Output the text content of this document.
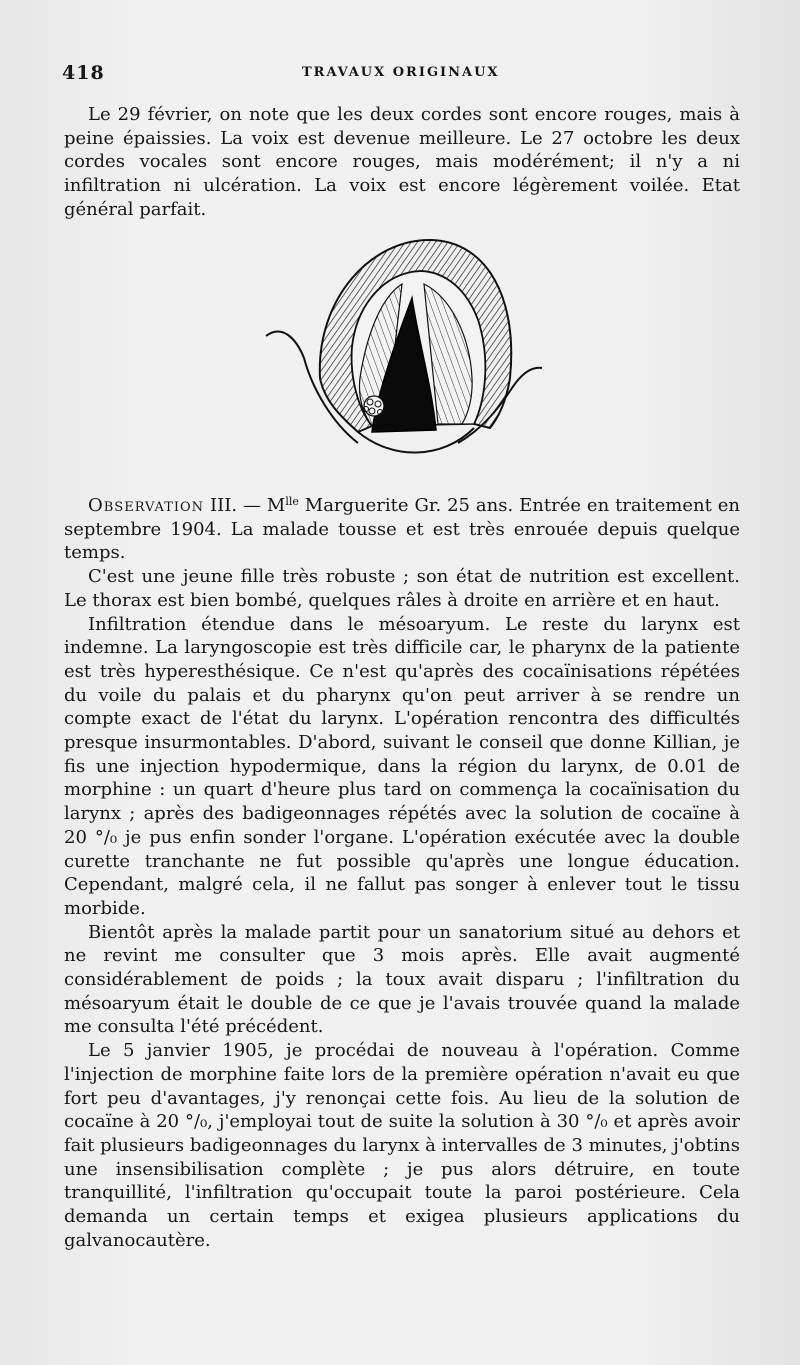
418	TRAVAUX ORIGINAUX

Le 29 février, on note que les deux cordes sont encore rouges, mais à peine épaissies. La voix est devenue meilleure. Le 27 octobre les deux cordes vocales sont encore rouges, mais modérément; il n'y a ni infiltration ni ulcération. La voix est encore légèrement voilée. Etat général parfait.

Observation III. — $M^{lle}$ Marguerite Gr. 25 ans. Entrée en traitement en septembre 1904. La malade tousse et est très enrouée depuis quelque temps.

C'est une jeune fille très robuste ; son état de nutrition est excellent. Le thorax est bien bombé, quelques râles à droite en arrière et en haut.

Infiltration étendue dans le mésoaryum. Le reste du larynx est indemne. La laryngoscopie est très difficile car, le pharynx de la patiente est très hyperesthésique. Ce n'est qu'après des cocaïnisations répétées du voile du palais et du pharynx qu'on peut arriver à se rendre un compte exact de l'état du larynx. L'opération rencontra des difficultés presque insurmontables. D'abord, suivant le conseil que donne Killian, je fis une injection hypodermique, dans la région du larynx, de 0.01 de morphine : un quart d'heure plus tard on commença la cocaïnisation du larynx ; après des badigeonnages répétés avec la solution de cocaïne à 20 °/₀ je pus enfin sonder l'organe. L'opération exécutée avec la double curette tranchante ne fut possible qu'après une longue éducation. Cependant, malgré cela, il ne fallut pas songer à enlever tout le tissu morbide.

Bientôt après la malade partit pour un sanatorium situé au dehors et ne revint me consulter que 3 mois après. Elle avait augmenté considérablement de poids ; la toux avait disparu ; l'infiltration du mésoaryum était le double de ce que je l'avais trouvée quand la malade me consulta l'été précédent.

Le 5 janvier 1905, je procédai de nouveau à l'opération. Comme l'injection de morphine faite lors de la première opération n'avait eu que fort peu d'avantages, j'y renonçai cette fois. Au lieu de la solution de cocaïne à 20 °/₀, j'employai tout de suite la solution à 30 °/₀ et après avoir fait plusieurs badigeonnages du larynx à intervalles de 3 minutes, j'obtins une insensibilisation complète ; je pus alors détruire, en toute tranquillité, l'infiltration qu'occupait toute la paroi postérieure. Cela demanda un certain temps et exigea plusieurs applications du galvanocautère.
